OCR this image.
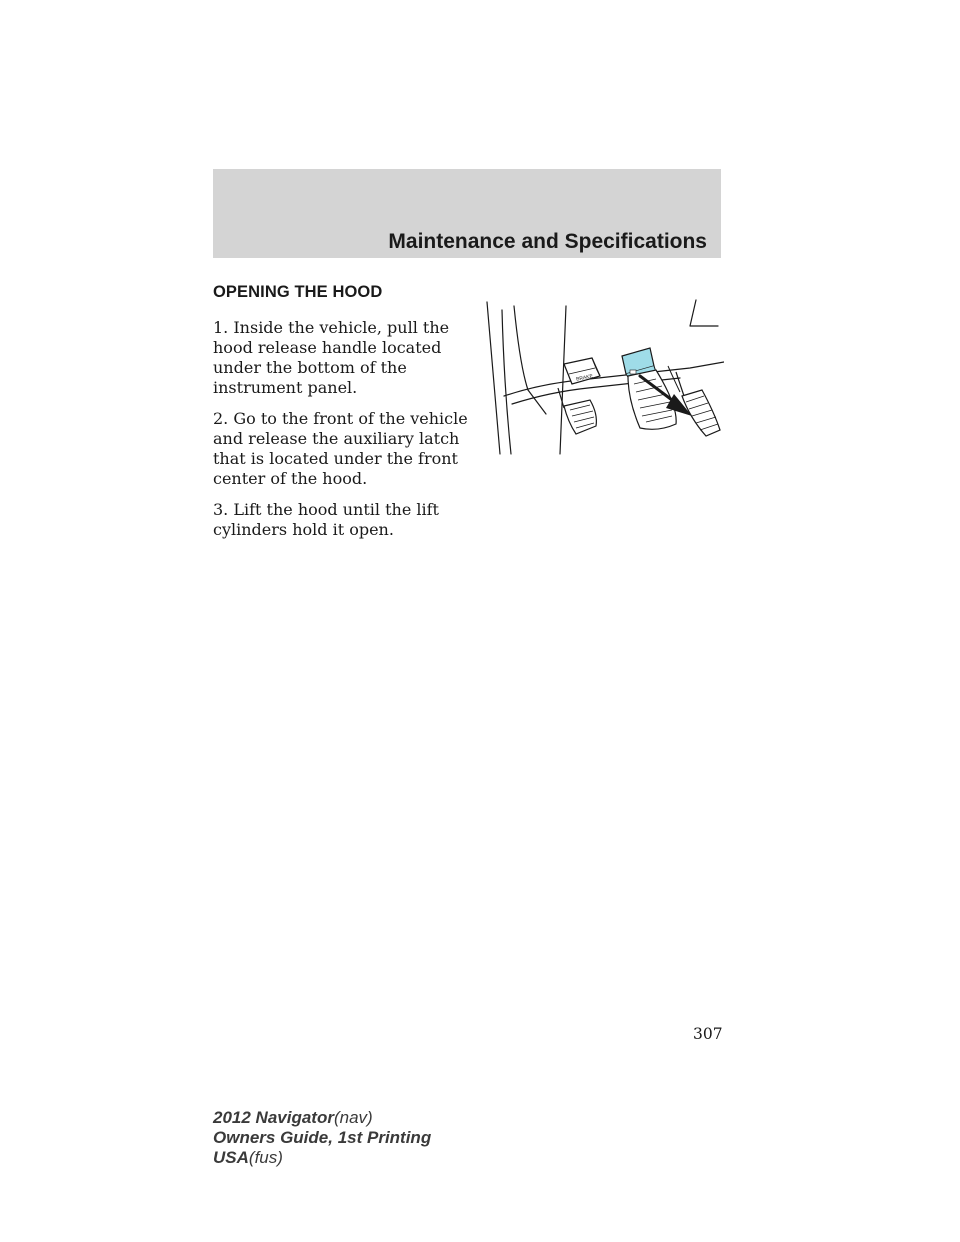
Maintenance and Specifications
OPENING THE HOOD
1. Inside the vehicle, pull the hood release handle located under the bottom of the instrument panel.
2. Go to the front of the vehicle and release the auxiliary latch that is located under the front center of the hood.
3. Lift the hood until the lift cylinders hold it open.
BRAKE
307
2012 Navigator(nav)
Owners Guide, 1st Printing
USA(fus)
